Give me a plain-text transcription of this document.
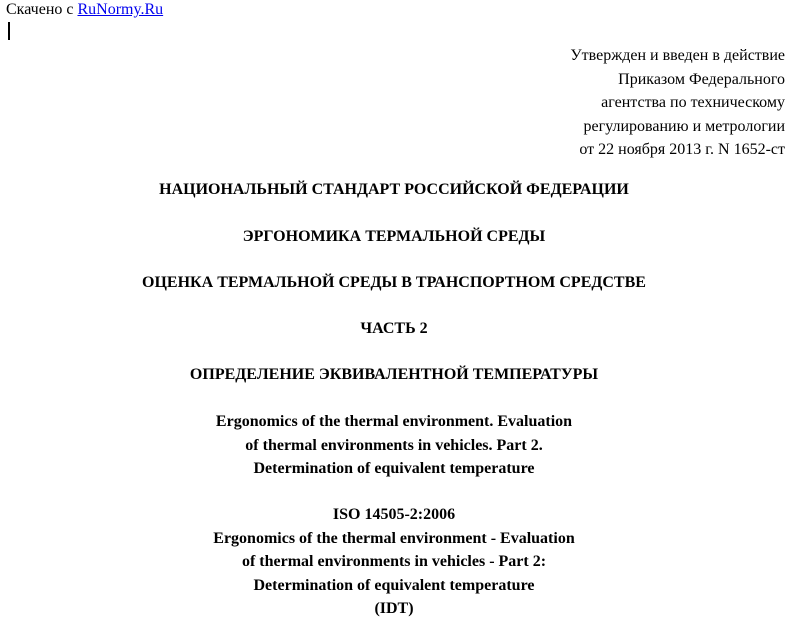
Скачено с RuNormy.Ru
Утвержден и введен в действие
Приказом Федерального
агентства по техническому
регулированию и метрологии
от 22 ноября 2013 г. N 1652-ст
НАЦИОНАЛЬНЫЙ СТАНДАРТ РОССИЙСКОЙ ФЕДЕРАЦИИ
ЭРГОНОМИКА ТЕРМАЛЬНОЙ СРЕДЫ
ОЦЕНКА ТЕРМАЛЬНОЙ СРЕДЫ В ТРАНСПОРТНОМ СРЕДСТВЕ
ЧАСТЬ 2
ОПРЕДЕЛЕНИЕ ЭКВИВАЛЕНТНОЙ ТЕМПЕРАТУРЫ
Ergonomics of the thermal environment. Evaluation
of thermal environments in vehicles. Part 2.
Determination of equivalent temperature
ISO 14505-2:2006
Ergonomics of the thermal environment - Evaluation
of thermal environments in vehicles - Part 2:
Determination of equivalent temperature
(IDT)
